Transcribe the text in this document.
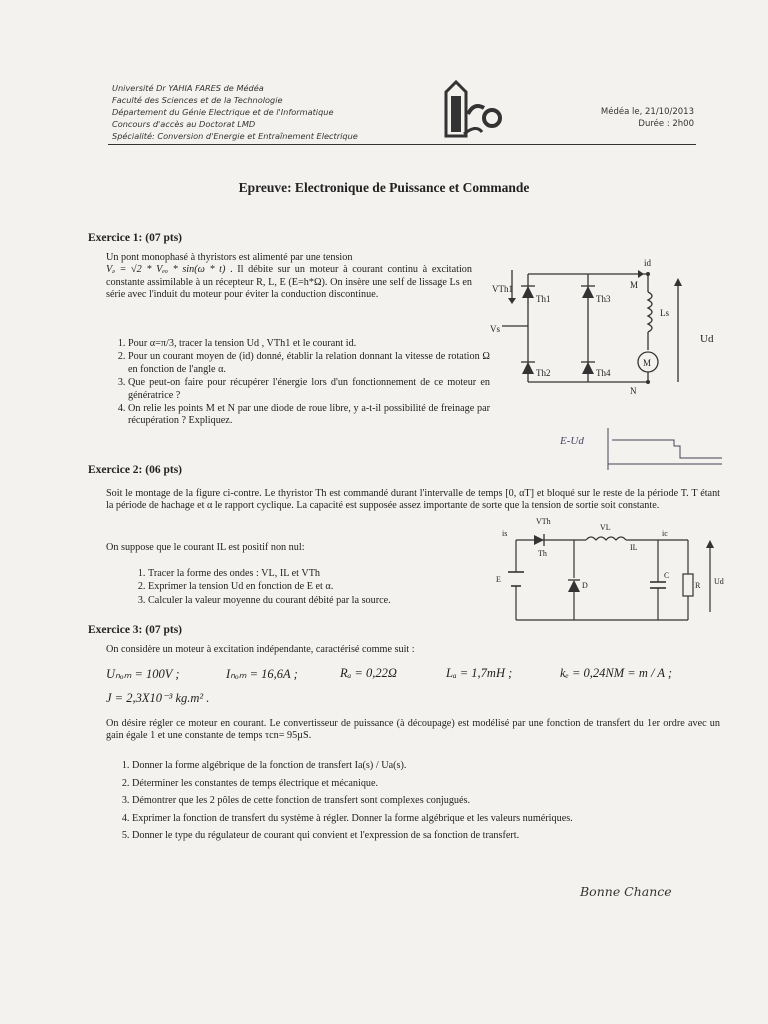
Université Dr YAHIA FARES de Médéa
Faculté des Sciences et de la Technologie
Département du Génie Electrique et de l'Informatique
Concours d'accès au Doctorat LMD
Spécialité: Conversion d'Energie et Entraînement Electrique
Médéa le, 21/10/2013
Durée : 2h00
Epreuve: Electronique de Puissance et Commande
Exercice 1: (07 pts)
Un pont monophasé à thyristors est alimenté par une tension
Vₔ = √2 * Vₑₒ * sin(ω * t) . Il débite sur un moteur à courant continu à excitation constante assimilable à un récepteur R, L, E (E=h*Ω). On insère une self de lissage Ls en série avec l'induit du moteur pour éviter la conduction discontinue.
1. Pour α=π/3, tracer la tension Ud , VTh1 et le courant id.
2. Pour un courant moyen de (id) donné, établir la relation donnant la vitesse de rotation Ω en fonction de l'angle α.
3. Que peut-on faire pour récupérer l'énergie lors d'un fonctionnement de ce moteur en génératrice ?
4. On relie les points M et N par une diode de roue libre, y a-t-il possibilité de freinage par récupération ? Expliquez.
Th1	Th3
Th2	Th4
VTh1
Vs
M
N
Ls
Ud
id
M
E-Ud
Exercice 2: (06 pts)
Soit le montage de la figure ci-contre. Le thyristor Th est commandé durant l'intervalle de temps [0, αT] et bloqué sur le reste de la période T. T étant la période de hachage et α le rapport cyclique. La capacité est supposée assez importante de sorte que la tension de sortie soit constante.
On suppose que le courant IL est positif non nul:
1. Tracer la forme des ondes : VL, IL et VTh
2. Exprimer la tension Ud en fonction de E et α.
3. Calculer la valeur moyenne du courant débité par la source.
VTh
is
VL
IL
Th
E
D
C
R Ud
ic
Exercice 3: (07 pts)
On considère un moteur à excitation indépendante, caractérisé comme suit :
Uₙₒₘ = 100V ;	Iₙₒₘ = 16,6A ;	Rₐ = 0,22Ω	Lₐ = 1,7mH ;	kₑ = 0,24NM = m / A ;
J = 2,3X10⁻³ kg.m² .
On désire régler ce moteur en courant. Le convertisseur de puissance (à découpage) est modélisé par une fonction de transfert du 1er ordre avec un gain égale 1 et une constante de temps τcn= 95µS.
1. Donner la forme algébrique de la fonction de transfert Ia(s) / Ua(s).
2. Déterminer les constantes de temps électrique et mécanique.
3. Démontrer que les 2 pôles de cette fonction de transfert sont complexes conjugués.
4. Exprimer la fonction de transfert du système à régler. Donner la forme algébrique et les valeurs numériques.
5. Donner le type du régulateur de courant qui convient et l'expression de sa fonction de transfert.
Bonne Chance
